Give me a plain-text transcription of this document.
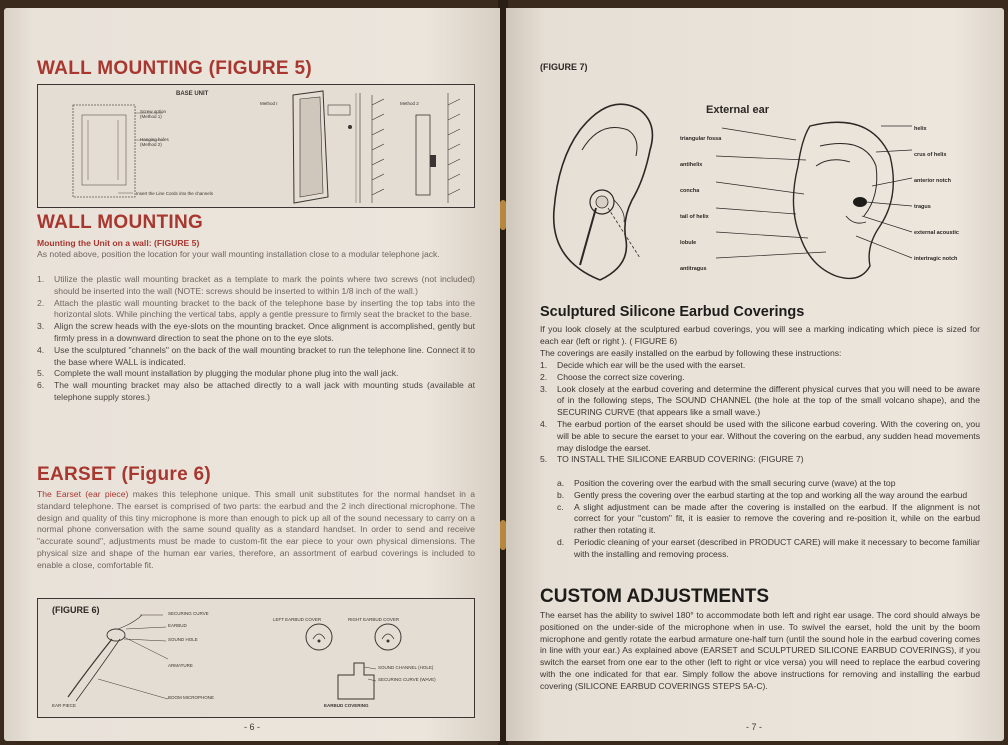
WALL MOUNTING (FIGURE 5)
BASE UNIT
Screw option (Method 1)
Hanging holes (Method 2)
Insert the Line Cords into the channels
Method I	Method 2
WALL MOUNTING
Mounting the Unit on a wall: (FIGURE 5)
As noted above, position the location for your wall mounting installation close to a modular telephone jack.
1. Utilize the plastic wall mounting bracket as a template to mark the points where two screws (not included) should be inserted into the wall (NOTE: screws should be inserted to within 1/8 inch of the wall.)
2. Attach the plastic wall mounting bracket to the back of the telephone base by inserting the top tabs into the horizontal slots. While pinching the vertical tabs, apply a gentle pressure to firmly seat the bracket to the base.
3. Align the screw heads with the eye-slots on the mounting bracket. Once alignment is accomplished, gently but firmly press in a downward direction to seat the phone on to the eye slots.
4. Use the sculptured "channels" on the back of the wall mounting bracket to run the telephone line. Connect it to the base where WALL is indicated.
5. Complete the wall mount installation by plugging the modular phone plug into the wall jack.
6. The wall mounting bracket may also be attached directly to a wall jack with mounting studs (available at telephone supply stores.)
EARSET (Figure 6)
The Earset (ear piece) makes this telephone unique. This small unit substitutes for the normal handset in a standard telephone. The earset is comprised of two parts: the earbud and the 2 inch directional microphone. The design and quality of this tiny microphone is more than enough to pick up all of the sound necessary to carry on a normal phone conversation with the same sound quality as a standard handset. In order to send and receive "accurate sound", adjustments must be made to custom-fit the ear piece to your own physical dimensions. The physical size and shape of the human ear varies, therefore, an assortment of earbud coverings is included to enable a close, comfortable fit.
(FIGURE 6)	SECURING CURVE
EARBUD
SOUND HOLE
ARMATURE
BOOM MICROPHONE
EAR PIECE
LEFT EARBUD COVER	RIGHT EARBUD COVER
SOUND CHANNEL (HOLE)
SECURING CURVE (WAVE)
EARBUD COVERING
- 6 -
(FIGURE 7)
External ear
triangular fossa
antihelix
concha
tail of helix
lobule
antitragus
helix
crus of helix
anterior notch
tragus
external acoustic
intertragic notch
Sculptured Silicone Earbud Coverings
If you look closely at the sculptured earbud coverings, you will see a marking indicating which piece is sized for each ear (left or right ). ( FIGURE 6)
The coverings are easily installed on the earbud by following these instructions:
1. Decide which ear will be the used with the earset.
2. Choose the correct size covering.
3. Look closely at the earbud covering and determine the different physical curves that you will need to be aware of in the following steps, The SOUND CHANNEL (the hole at the top of the small volcano shape), and the SECURING CURVE (that appears like a small wave.)
4. The earbud portion of the earset should be used with the silicone earbud covering. With the covering on, you will be able to secure the earset to your ear. Without the covering on the earbud, any sudden head movements may dislodge the earset.
5. TO INSTALL THE SILICONE EARBUD COVERING: (FIGURE 7)
a. Position the covering over the earbud with the small securing curve (wave) at the top
b. Gently press the covering over the earbud starting at the top and working all the way around the earbud
c. A slight adjustment can be made after the covering is installed on the earbud. If the alignment is not correct for your "custom" fit, it is easier to remove the covering and re-position it, while on the earbud rather then rotating it.
d. Periodic cleaning of your earset (described in PRODUCT CARE) will make it necessary to become familiar with the installing and removing process.
CUSTOM ADJUSTMENTS
The earset has the ability to swivel 180° to accommodate both left and right ear usage. The cord should always be positioned on the under-side of the microphone when in use. To swivel the earset, hold the unit by the boom microphone and gently rotate the earbud armature one-half turn (until the sound hole in the earbud covering comes in line with your ear.) As explained above (EARSET and SCULPTURED SILICONE EARBUD COVERINGS), if you switch the earset from one ear to the other (left to right or vice versa) you will need to replace the earbud covering with the one indicated for that ear. Simply follow the above instructions for removing and installing the earbud covering (SILICONE EARBUD COVERINGS STEPS 5A-C).
- 7 -
